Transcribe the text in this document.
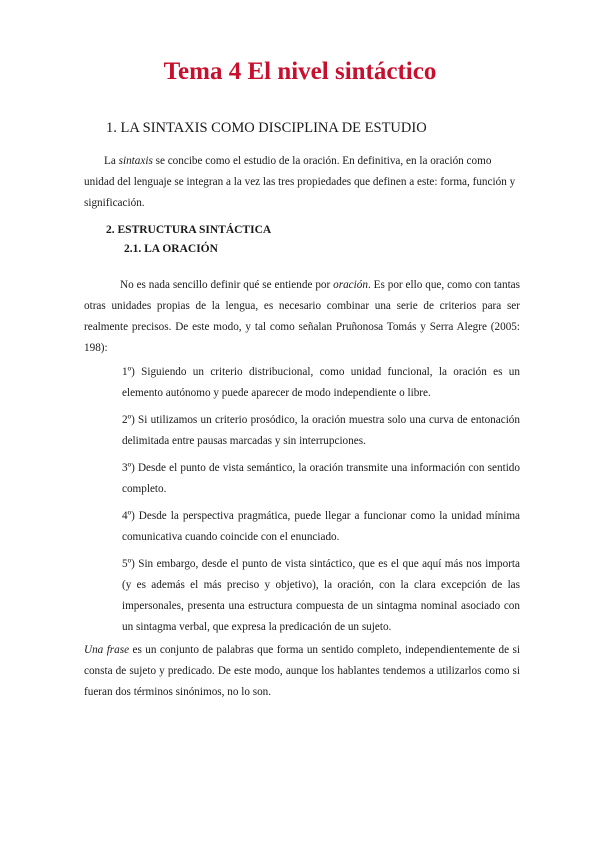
Tema 4 El nivel sintáctico
1. LA SINTAXIS COMO DISCIPLINA DE ESTUDIO

La sintaxis se concibe como el estudio de la oración. En definitiva, en la oración como unidad del lenguaje se integran a la vez las tres propiedades que definen a este: forma, función y significación.

2. ESTRUCTURA SINTÁCTICA
2.1. LA ORACIÓN

No es nada sencillo definir qué se entiende por oración. Es por ello que, como con tantas otras unidades propias de la lengua, es necesario combinar una serie de criterios para ser realmente precisos. De este modo, y tal como señalan Pruñonosa Tomás y Serra Alegre (2005: 198):

1º) Siguiendo un criterio distribucional, como unidad funcional, la oración es un elemento autónomo y puede aparecer de modo independiente o libre.

2º) Si utilizamos un criterio prosódico, la oración muestra solo una curva de entonación delimitada entre pausas marcadas y sin interrupciones.

3º) Desde el punto de vista semántico, la oración transmite una información con sentido completo.

4º) Desde la perspectiva pragmática, puede llegar a funcionar como la unidad mínima comunicativa cuando coincide con el enunciado.

5º) Sin embargo, desde el punto de vista sintáctico, que es el que aquí más nos importa (y es además el más preciso y objetivo), la oración, con la clara excepción de las impersonales, presenta una estructura compuesta de un sintagma nominal asociado con un sintagma verbal, que expresa la predicación de un sujeto.

Una frase es un conjunto de palabras que forma un sentido completo, independientemente de si consta de sujeto y predicado. De este modo, aunque los hablantes tendemos a utilizarlos como si fueran dos términos sinónimos, no lo son.
